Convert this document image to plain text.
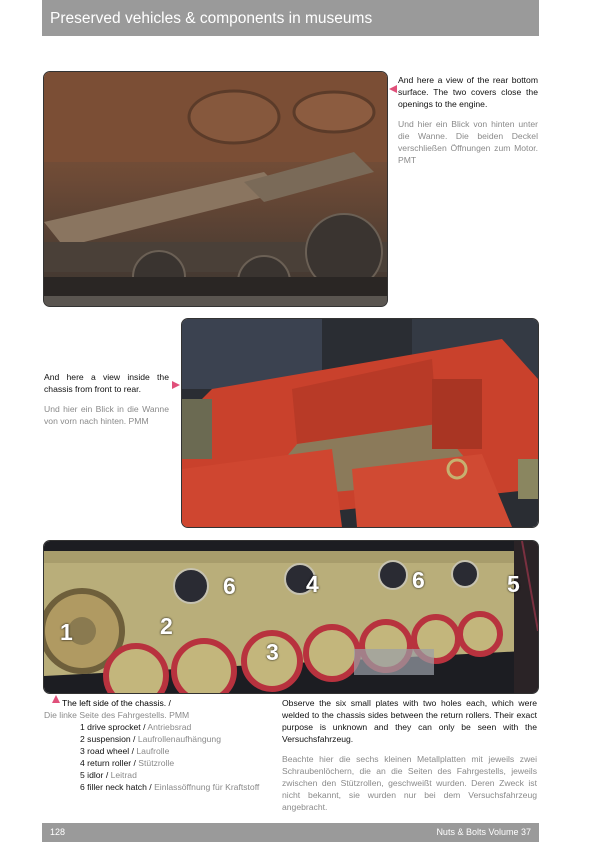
Preserved vehicles & components in museums
And here a view of the rear bottom surface. The two covers close the openings to the engine.
Und hier ein Blick von hinten unter die Wanne. Die beiden Deckel verschließen Öffnungen zum Motor. PMT
And here a view inside the chassis from front to rear.
Und hier ein Blick in die Wanne von vorn nach hinten. PMM
1	2
3
4	5
6	6
The left side of the chassis. /
Die linke Seite des Fahrgestells. PMM
1 drive sprocket / Antriebsrad
2 suspension / Laufrollenaufhängung
3 road wheel / Laufrolle
4 return roller / Stützrolle
5 idlor / Leitrad
6 filler neck hatch / Einlassöffnung für Kraftstoff
Observe the six small plates with two holes each, which were welded to the chassis sides between the return rollers. Their exact purpose is unknown and they can only be seen with the Versuchsfahrzeug.
Beachte hier die sechs kleinen Metallplatten mit jeweils zwei Schraubenlöchern, die an die Seiten des Fahrgestells, jeweils zwischen den Stützrollen, geschweißt wurden. Deren Zweck ist nicht bekannt, sie wurden nur bei dem Versuchsfahrzeug angebracht.
128	Nuts & Bolts Volume 37
